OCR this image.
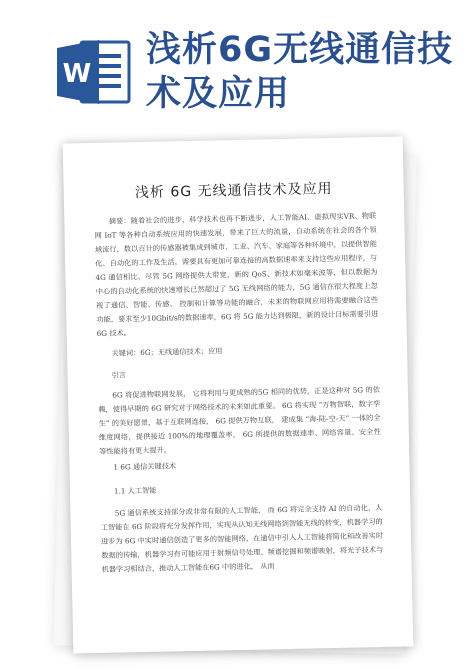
W
浅析6G无线通信技术及应用
浅析 6G 无线通信技术及应用

摘要：随着社会的进步，科学技术也再不断进步，人工智能AI、虚拟现实VR、物联网 IoT 等各种自动系统应用的快速发展，带来了巨大的流量，自动系统在社会的各个领域流行，数以百计的传感器被集成到城市、工业、汽车、家庭等各种环境中，以提供智能化、自动化的工作及生活，需要具有更加可靠连接的高数据速率来支持这些应用程序，与4G 通信相比，尽管 5G 网络提供大带宽、新的 QoS、新技术如毫米波等，但以数据为中心的自动化系统的快速增长已然超过了 5G 无线网络的能力，5G 通信在很大程度上忽视了通信、智能、传感、 控制和计算等功能的融合，未来的物联网应用将需要融合这些功能，要求至少10Gbit/s的数据速率，6G 将 5G 能力达到极限，新的设计目标需要引进6G 技术。

关键词：6G；无线通信技术；应用

引言

6G 将促进物联网发展， 它将利用与更成熟的5G 相同的优势，正是这种对 5G 的依赖，使得早期的 6G 研究对于网络技术的未来如此重要。 6G 将实现 “万物智联，数字孪生” 的美好愿景，基于互联网连接， 6G 提供万物互联， 建成集 “海-陆-空-天” 一体的全维度网络，提供接近 100%的地理覆盖率， 6G 所提供的数据速率、网络容量、安全性等性能将有更大提升。

1 6G 通信关键技术
1.1 人工智能

5G 通信系统支持部分或非常有限的人工智能， 而 6G 将完全支持 AI 的自动化，人工智能在 6G 阶段将充分发挥作用，实现从认知无线网络到智能无线的转变，机器学习的进步为 6G 中实时通信创造了更多的智能网络，在通信中引入人工智能将简化和改善实时数据的传输，机器学习有可能应用于射频信号处理、频谱挖掘和频谱映射，将光子技术与机器学习相结合，推动人工智能在6G 中的进化， 从而
